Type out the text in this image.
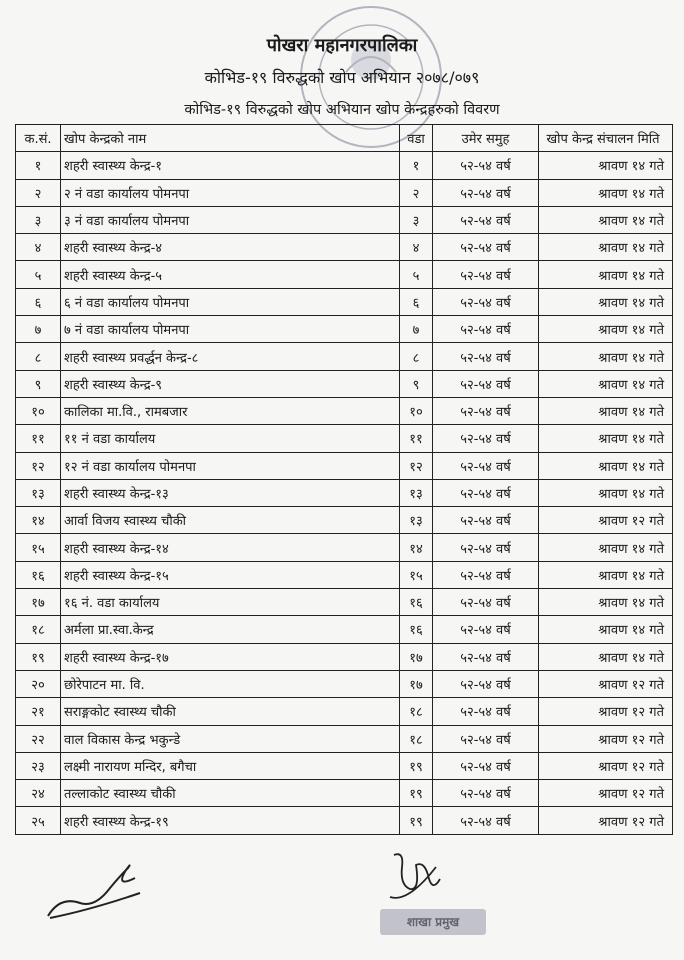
पोखरा महानगरपालिका
कोभिड-१९ विरुद्धको खोप अभियान २०७८/०७९
कोभिड-१९ विरुद्धको खोप अभियान खोप केन्द्रहरुको विवरण
क.सं.	खोप केन्द्रको नाम	वडा	उमेर समुह	खोप केन्द्र संचालन मिति
१	शहरी स्वास्थ्य केन्द्र-१	१	५२-५४ वर्ष	श्रावण १४ गते
२	२ नं वडा कार्यालय पोमनपा	२	५२-५४ वर्ष	श्रावण १४ गते
३	३ नं वडा कार्यालय पोमनपा	३	५२-५४ वर्ष	श्रावण १४ गते
४	शहरी स्वास्थ्य केन्द्र-४	४	५२-५४ वर्ष	श्रावण १४ गते
५	शहरी स्वास्थ्य केन्द्र-५	५	५२-५४ वर्ष	श्रावण १४ गते
६	६ नं वडा कार्यालय पोमनपा	६	५२-५४ वर्ष	श्रावण १४ गते
७	७ नं वडा कार्यालय पोमनपा	७	५२-५४ वर्ष	श्रावण १४ गते
८	शहरी स्वास्थ्य प्रवर्द्धन केन्द्र-८	८	५२-५४ वर्ष	श्रावण १४ गते
९	शहरी स्वास्थ्य केन्द्र-९	९	५२-५४ वर्ष	श्रावण १४ गते
१०	कालिका मा.वि., रामबजार	१०	५२-५४ वर्ष	श्रावण १४ गते
११	११ नं वडा कार्यालय	११	५२-५४ वर्ष	श्रावण १४ गते
१२	१२ नं वडा कार्यालय पोमनपा	१२	५२-५४ वर्ष	श्रावण १४ गते
१३	शहरी स्वास्थ्य केन्द्र-१३	१३	५२-५४ वर्ष	श्रावण १४ गते
१४	आर्वा विजय स्वास्थ्य चौकी	१३	५२-५४ वर्ष	श्रावण १२ गते
१५	शहरी स्वास्थ्य केन्द्र-१४	१४	५२-५४ वर्ष	श्रावण १४ गते
१६	शहरी स्वास्थ्य केन्द्र-१५	१५	५२-५४ वर्ष	श्रावण १४ गते
१७	१६ नं. वडा कार्यालय	१६	५२-५४ वर्ष	श्रावण १४ गते
१८	अर्मला प्रा.स्वा.केन्द्र	१६	५२-५४ वर्ष	श्रावण १४ गते
१९	शहरी स्वास्थ्य केन्द्र-१७	१७	५२-५४ वर्ष	श्रावण १४ गते
२०	छोरेपाटन मा. वि.	१७	५२-५४ वर्ष	श्रावण १२ गते
२१	सराङ्गकोट स्वास्थ्य चौकी	१८	५२-५४ वर्ष	श्रावण १२ गते
२२	वाल विकास केन्द्र भकुन्डे	१८	५२-५४ वर्ष	श्रावण १२ गते
२३	लक्ष्मी नारायण मन्दिर, बगैचा	१९	५२-५४ वर्ष	श्रावण १२ गते
२४	तल्लाकोट स्वास्थ्य चौकी	१९	५२-५४ वर्ष	श्रावण १२ गते
२५	शहरी स्वास्थ्य केन्द्र-१९	१९	५२-५४ वर्ष	श्रावण १२ गते
शाखा प्रमुख
